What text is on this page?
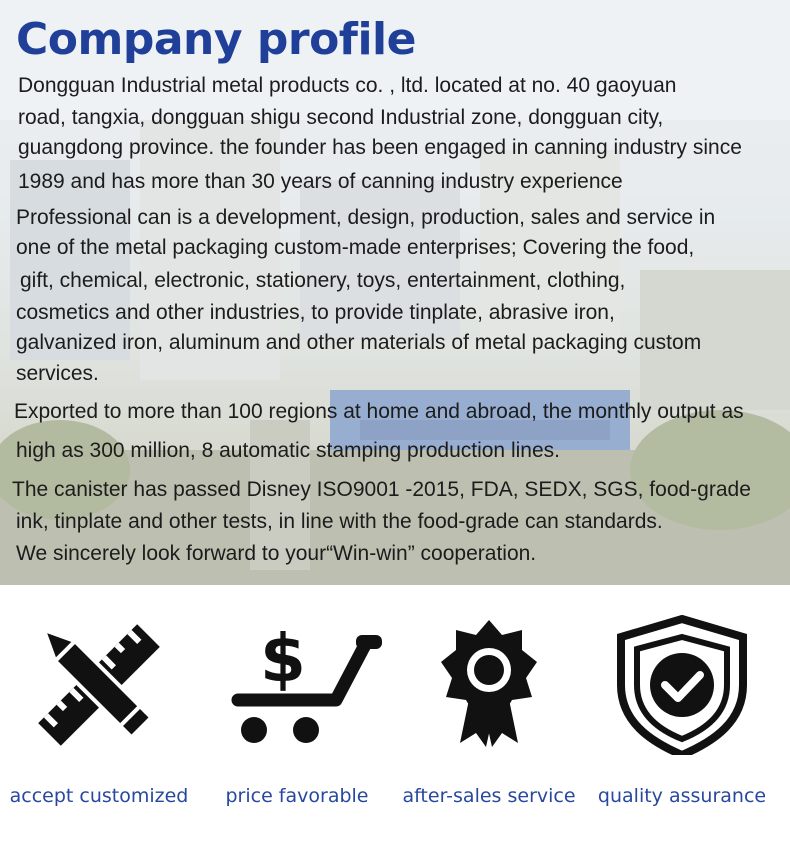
Company profile

Dongguan Industrial metal products co. , ltd. located at no. 40 gaoyuan

road, tangxia, dongguan shigu second Industrial zone, dongguan city,

guangdong province. the founder has been engaged in canning industry since

1989 and has more than 30 years of canning industry experience

Professional can is a development, design, production, sales and service in

one of the metal packaging custom-made enterprises; Covering the food,

gift, chemical, electronic, stationery, toys, entertainment, clothing,

cosmetics and other industries, to provide tinplate, abrasive iron,

galvanized iron, aluminum and other materials of metal packaging custom

services.

Exported to more than 100 regions at home and abroad, the monthly output as

high as 300 million, 8 automatic stamping production lines.

The canister has passed Disney ISO9001 -2015, FDA, SEDX, SGS, food-grade

ink, tinplate and other tests, in line with the food-grade can standards.

We sincerely look forward to your“Win-win” cooperation.

accept customized
$
price favorable	after-sales service	quality assurance
